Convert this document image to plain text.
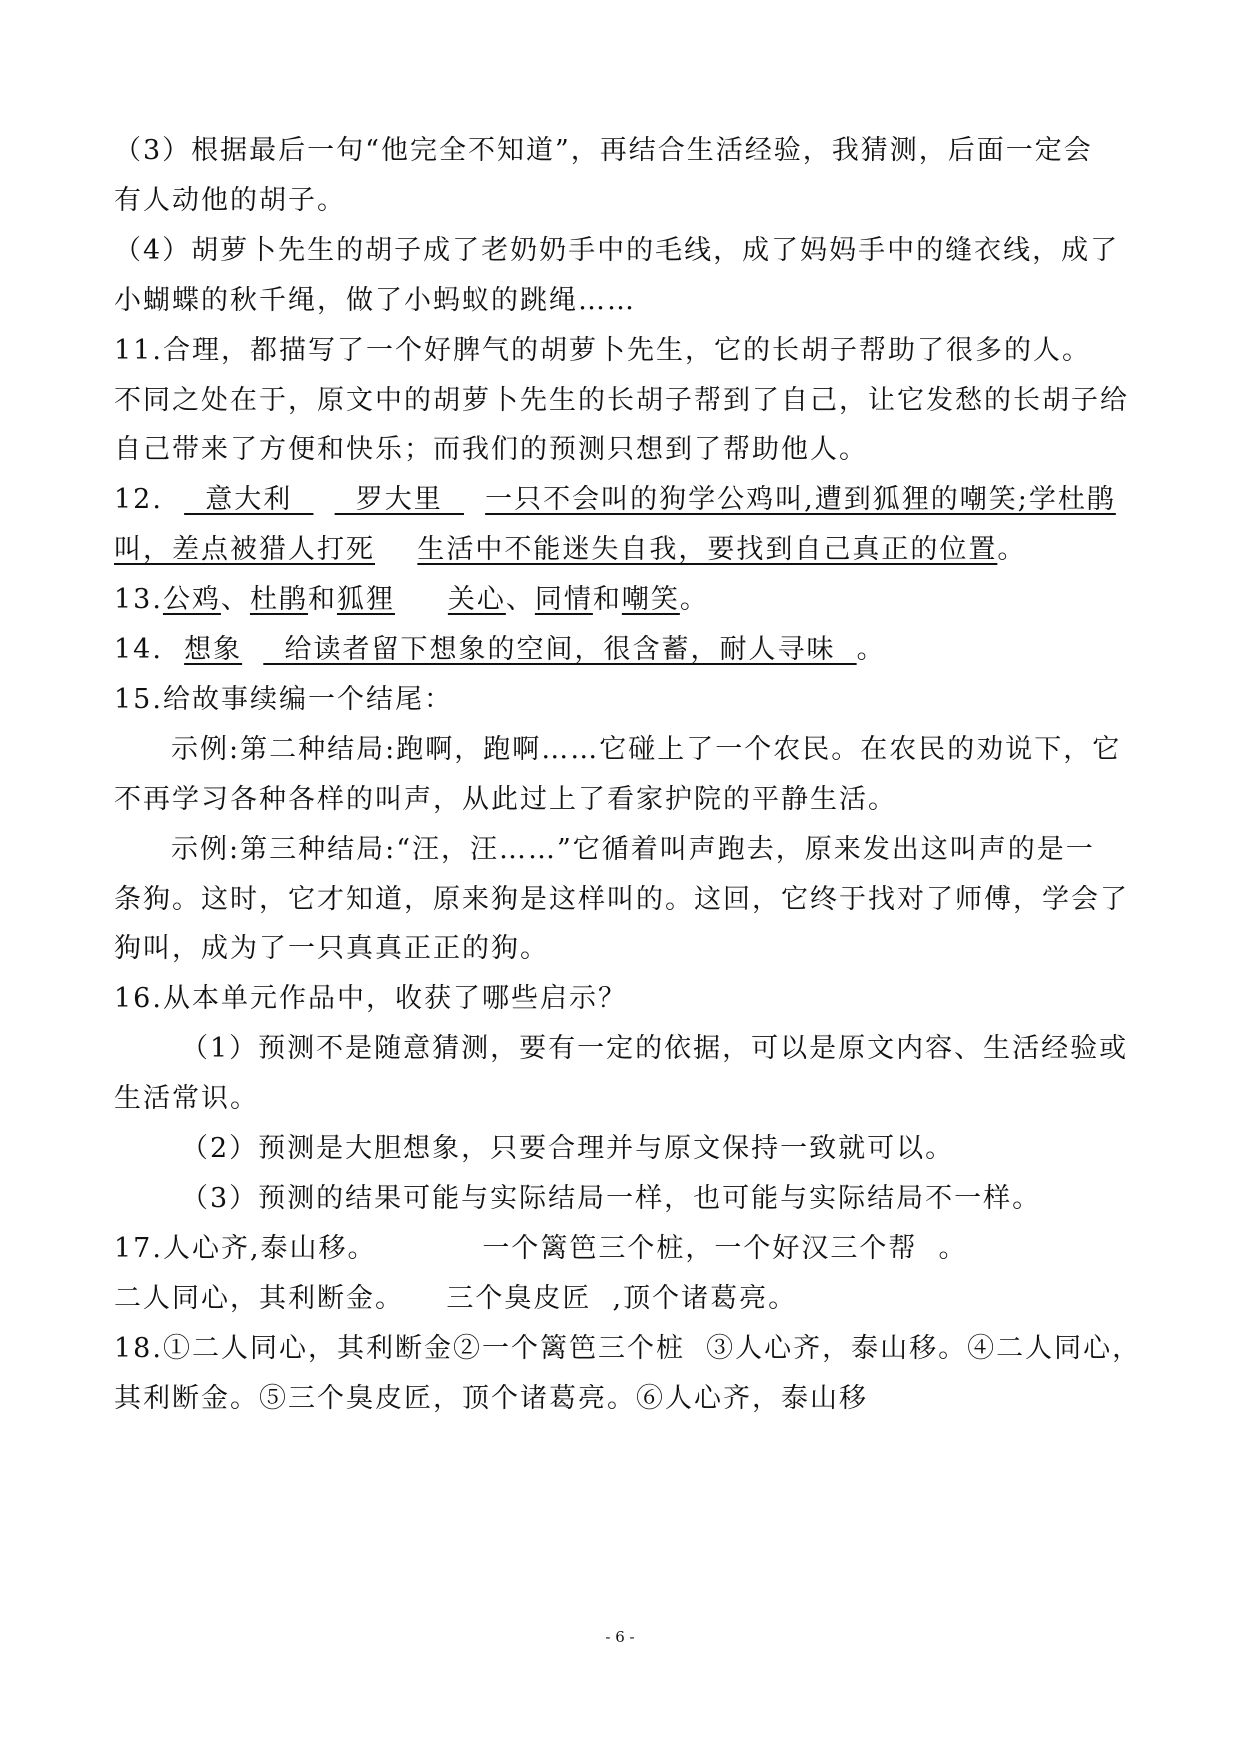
（3）根据最后一句“他完全不知道”，再结合生活经验，我猜测，后面一定会
有人动他的胡子。
（4）胡萝卜先生的胡子成了老奶奶手中的毛线，成了妈妈手中的缝衣线，成了
小蝴蝶的秋千绳，做了小蚂蚁的跳绳……
11.合理，都描写了一个好脾气的胡萝卜先生，它的长胡子帮助了很多的人。
不同之处在于，原文中的胡萝卜先生的长胡子帮到了自己，让它发愁的长胡子给
自己带来了方便和快乐；而我们的预测只想到了帮助他人。
12.    意大利      罗大里    一只不会叫的狗学公鸡叫,遭到狐狸的嘲笑;学杜鹃
叫，差点被猎人打死 生活中不能迷失自我，要找到自己真正的位置。
13.公鸡、杜鹃和狐狸 关心、同情和嘲笑。
14.  想象    给读者留下想象的空间，很含蓄，耐人寻味  。
15.给故事续编一个结尾：
示例:第二种结局:跑啊，跑啊……它碰上了一个农民。在农民的劝说下，它
不再学习各种各样的叫声，从此过上了看家护院的平静生活。
示例:第三种结局:“汪，汪……”它循着叫声跑去，原来发出这叫声的是一
条狗。这时，它才知道，原来狗是这样叫的。这回，它终于找对了师傅，学会了
狗叫，成为了一只真真正正的狗。
16.从本单元作品中，收获了哪些启示？
（1）预测不是随意猜测，要有一定的依据，可以是原文内容、生活经验或
生活常识。
（2）预测是大胆想象，只要合理并与原文保持一致就可以。
（3）预测的结果可能与实际结局一样，也可能与实际结局不一样。
17.人心齐,泰山移。          一个篱笆三个桩，一个好汉三个帮  。
二人同心，其利断金。    三个臭皮匠  ,顶个诸葛亮。
18.①二人同心，其利断金②一个篱笆三个桩  ③人心齐，泰山移。④二人同心，
其利断金。⑤三个臭皮匠，顶个诸葛亮。⑥人心齐，泰山移
- 6 -
